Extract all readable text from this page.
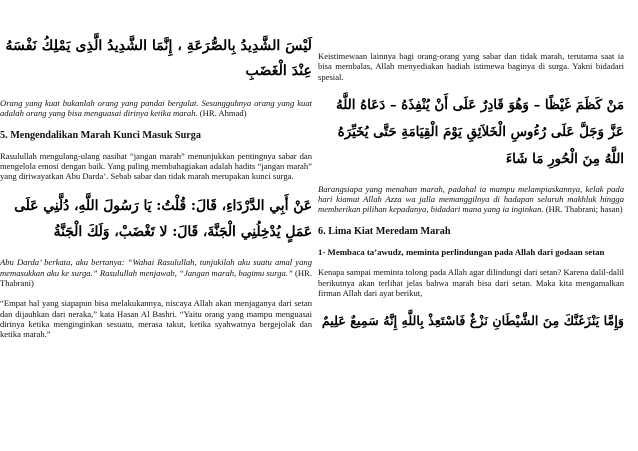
لَيْسَ الشَّدِيدُ بِالصُّرَعَةِ ، إِنَّمَا الشَّدِيدُ الَّذِى يَمْلِكُ نَفْسَهُ

عِنْدَ الْغَضَبِ

Orang yang kuat bukanlah orang yang pandai bergulat. Sesungguhnya orang yang kuat adalah orang yang bisa menguasai dirinya ketika marah. (HR. Ahmad)

5. Mengendalikan Marah Kunci Masuk Surga

Rasulullah mengulang-ulang nasihat “jangan marah” menunjukkan pentingnya sabar dan mengelola emosi dengan baik. Yang paling membahagiakan adalah hadits “jangan marah” yang diriwayatkan Abu Darda’. Sebab sabar dan tidak marah merupakan kunci surga.

عَنْ أَبِي الدَّرْدَاءِ، قَالَ: قُلْتُ: يَا رَسُولَ اللَّهِ، دُلَّنِي عَلَى

عَمَلٍ يُدْخِلُنِي الْجَنَّةَ، قَالَ: لا تَغْضَبْ، وَلَكَ الْجَنَّةُ

Abu Darda’ berkata, aku bertanya: “Wahai Rasulullah, tunjukilah aku suatu amal yang memasukkan aku ke surga.” Rasulullah menjawab, “Jangan marah, bagimu surga.” (HR. Thabrani)

“Empat hal yang siapapun bisa melakukannya, niscaya Allah akan menjaganya dari setan dan dijauhkan dari neraka,” kata Hasan Al Bashri. “Yaitu orang yang mampu menguasai dirinya ketika menginginkan sesuatu, merasa takut, ketika syahwatnya bergejolak dan ketika marah.”

Keistimewaan lainnya bagi orang-orang yang sabar dan tidak marah, terutama saat ia bisa membalas, Allah menyediakan hadiah istimewa baginya di surga. Yakni bidadari spesial.

مَنْ كَظَمَ غَيْظًا – وَهُوَ قَادِرٌ عَلَى أَنْ يُنْفِذَهُ – دَعَاهُ اللَّهُ

عَزَّ وَجَلَّ عَلَى رُءُوسِ الْخَلاَئِقِ يَوْمَ الْقِيَامَةِ حَتَّى يُخَيِّرَهُ

اللَّهُ مِنَ الْحُورِ مَا شَاءَ

Barangsiapa yang menahan marah, padahal ia mampu melampiaskannya, kelak pada hari kiamat Allah Azza wa jalla memanggilnya di hadapan seluruh makhluk hingga memberikan pilihan kepadanya, bidadari mana yang ia inginkan. (HR. Thabrani; hasan)

6. Lima Kiat Meredam Marah

1- Membaca ta’awudz, meminta perlindungan pada Allah dari godaan setan

Kenapa sampai meminta tolong pada Allah agar dilindungi dari setan? Karena dalil-dalil berikutnya akan terlihat jelas bahwa marah bisa dari setan. Maka kita mengamalkan firman Allah dari ayat berikut,

وَإِمَّا يَنْزَغَنَّكَ مِنَ الشَّيْطَانِ نَزْغٌ فَاسْتَعِذْ بِاللَّهِ إِنَّهُ سَمِيعٌ عَلِيمٌ
